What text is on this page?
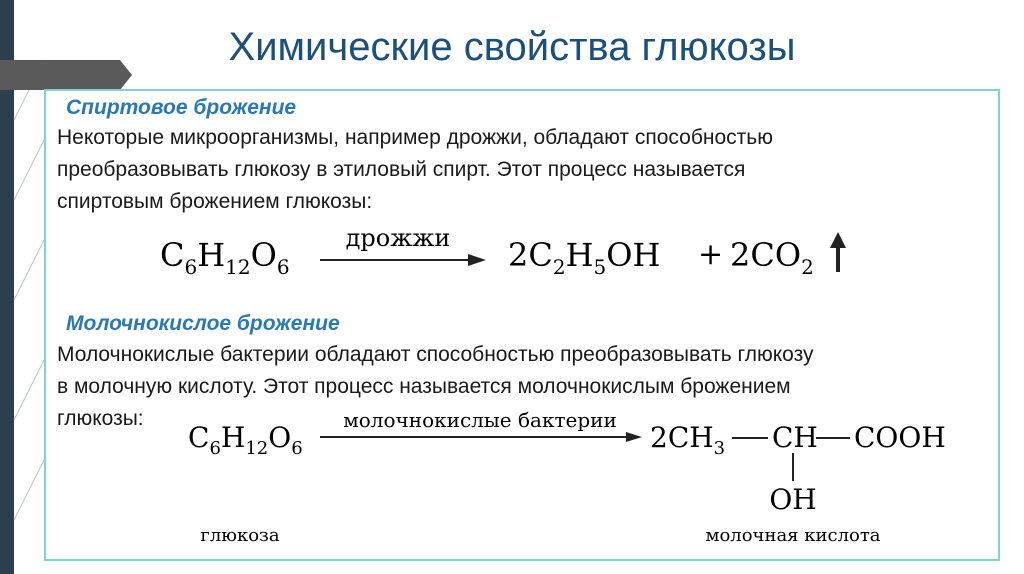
Химические свойства глюкозы
Спиртовое брожение
Некоторые микроорганизмы, например дрожжи, обладают способностью
преобразовывать глюкозу в этиловый спирт. Этот процесс называется
спиртовым брожением глюкозы:
$C_6H_{12}O_6$
дрожжи $2C_2H_5OH + 2CO_2$
Молочнокислое брожение
Молочнокислые бактерии обладают способностью преобразовывать глюкозу
в молочную кислоту. Этот процесс называется молочнокислым брожением
глюкозы:
$C_6H_{12}O_6$
молочнокислые бактерии
$2CH_3$ CH COOH
OH
глюкоза	молочная кислота
